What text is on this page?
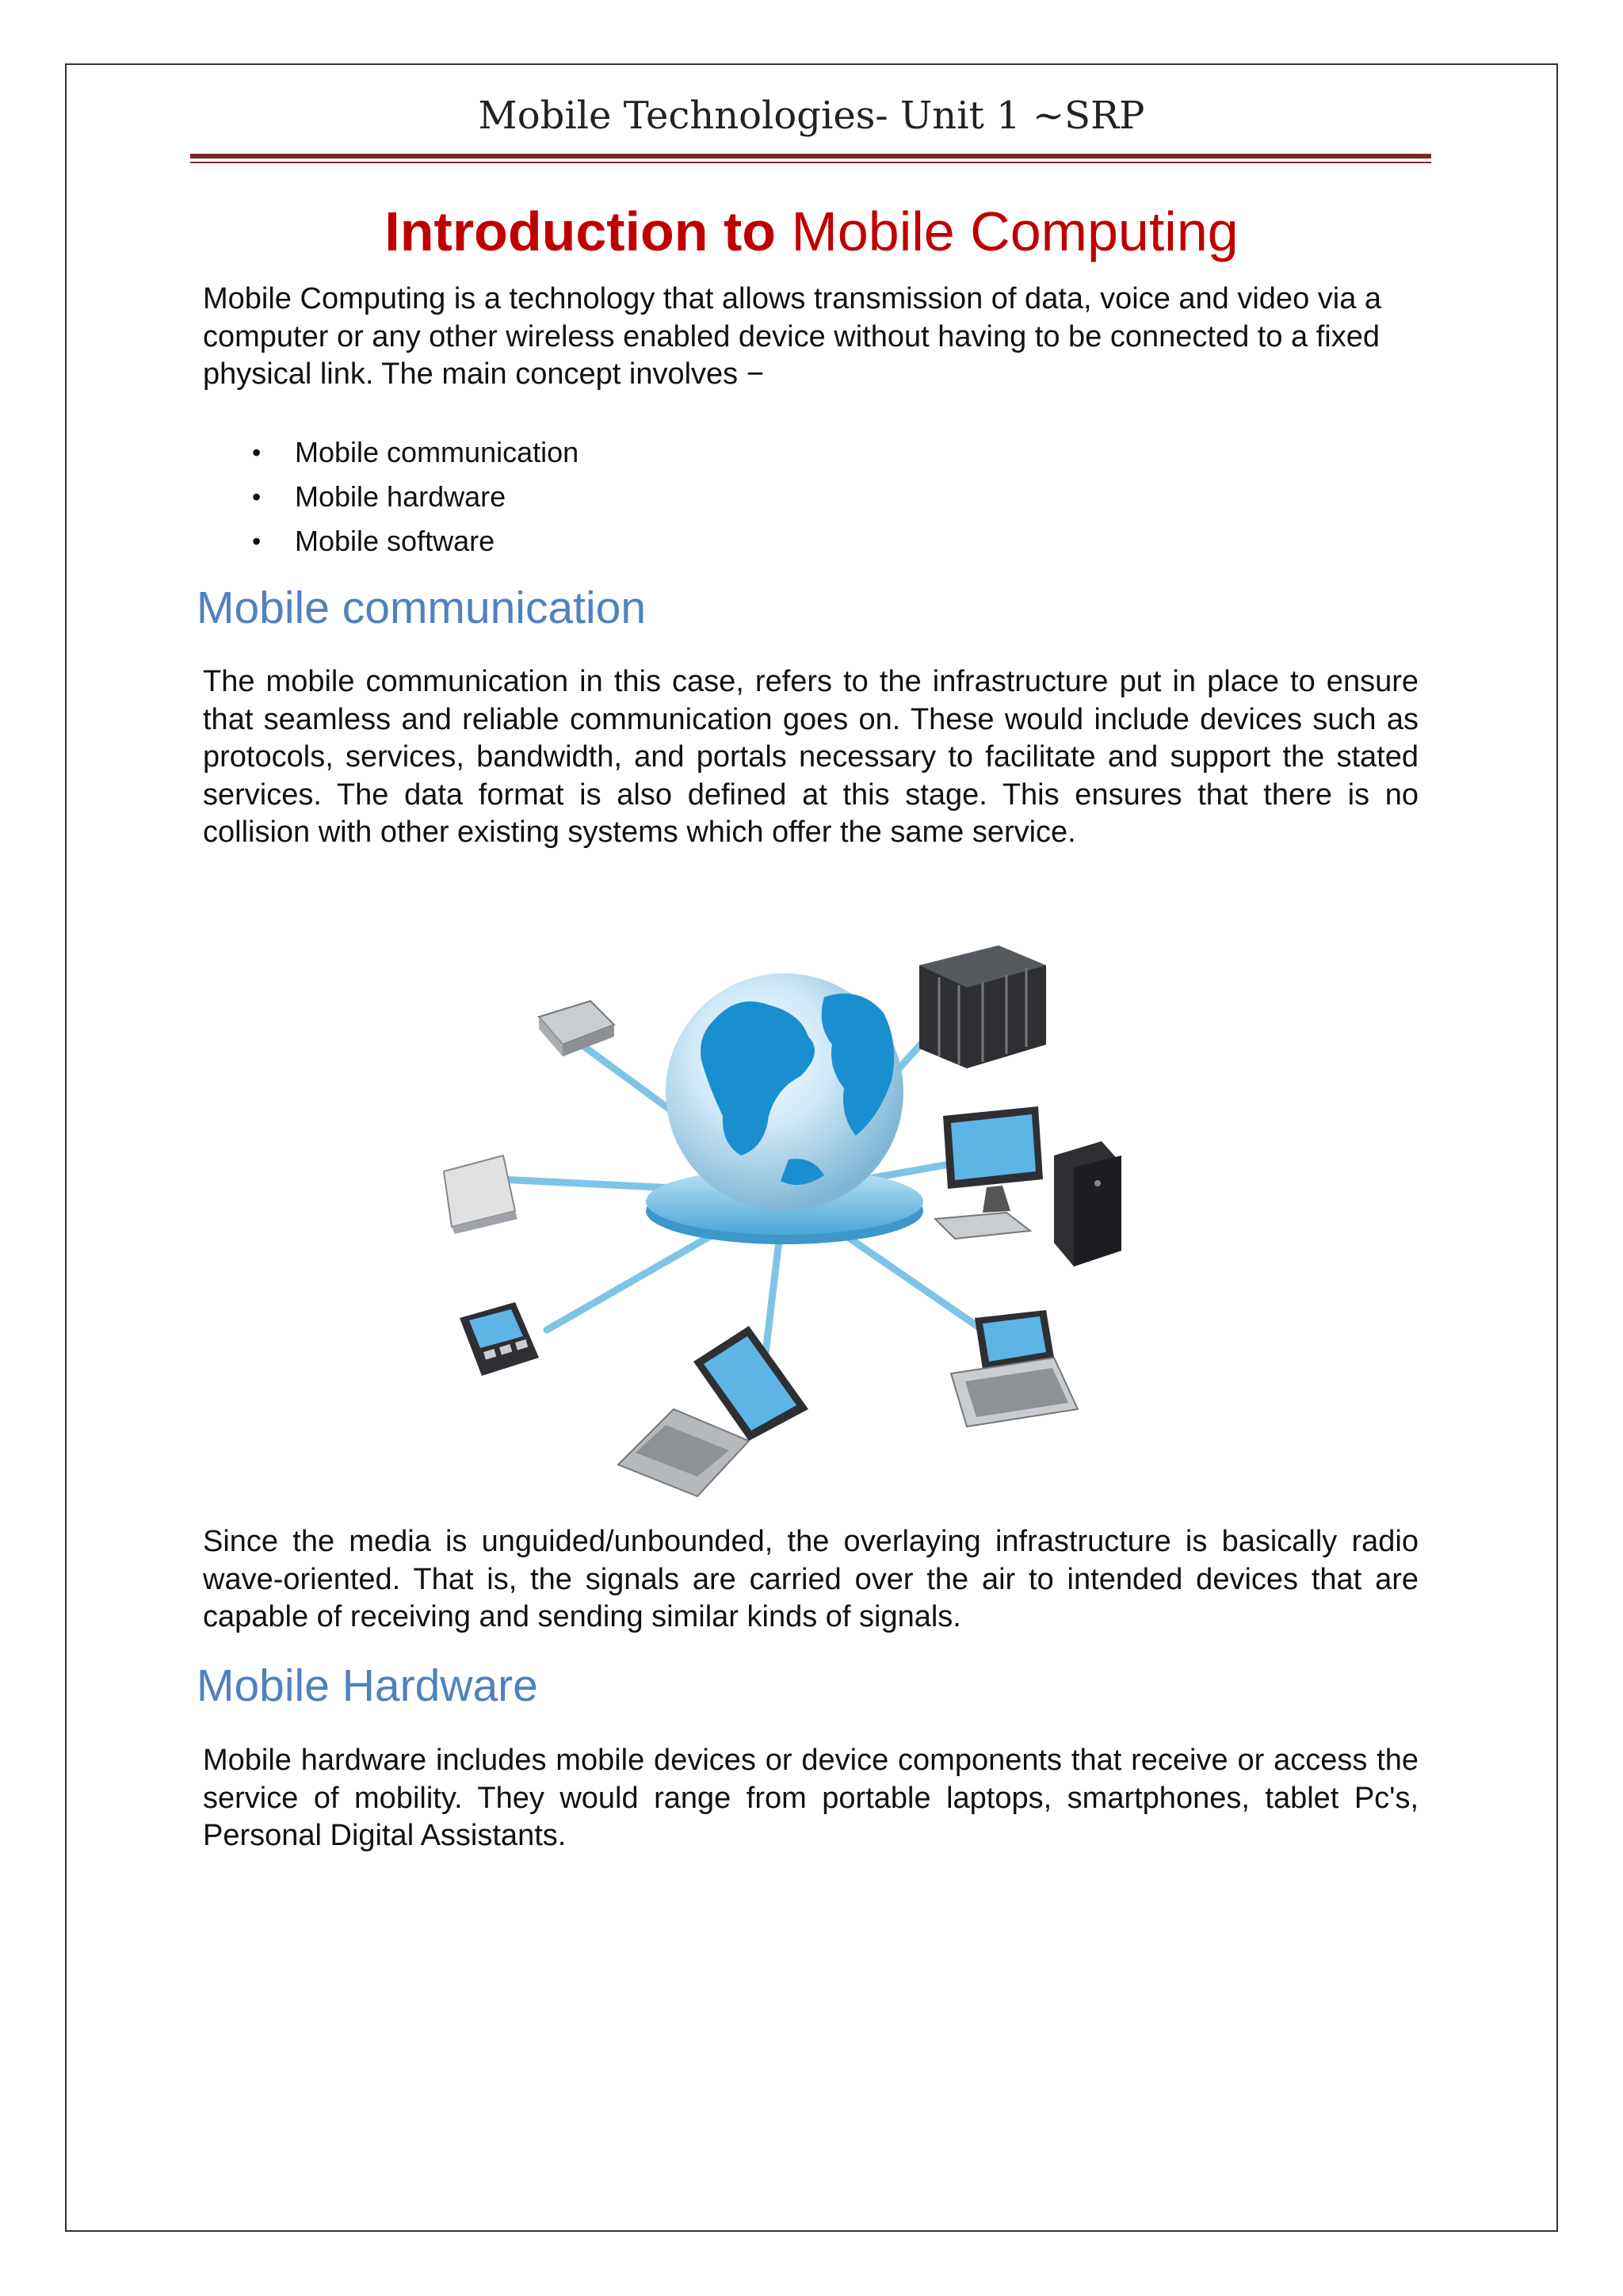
Mobile Technologies- Unit 1 ~SRP
Introduction to Mobile Computing

Mobile Computing is a technology that allows transmission of data, voice and video via a computer or any other wireless enabled device without having to be connected to a fixed physical link. The main concept involves −

• Mobile communication
• Mobile hardware
• Mobile software
Mobile communication

The mobile communication in this case, refers to the infrastructure put in place to ensure that seamless and reliable communication goes on. These would include devices such as protocols, services, bandwidth, and portals necessary to facilitate and support the stated services. The data format is also defined at this stage. This ensures that there is no collision with other existing systems which offer the same service.

Since the media is unguided/unbounded, the overlaying infrastructure is basically radio wave-oriented. That is, the signals are carried over the air to intended devices that are capable of receiving and sending similar kinds of signals.

Mobile Hardware

Mobile hardware includes mobile devices or device components that receive or access the service of mobility. They would range from portable laptops, smartphones, tablet Pc's, Personal Digital Assistants.
